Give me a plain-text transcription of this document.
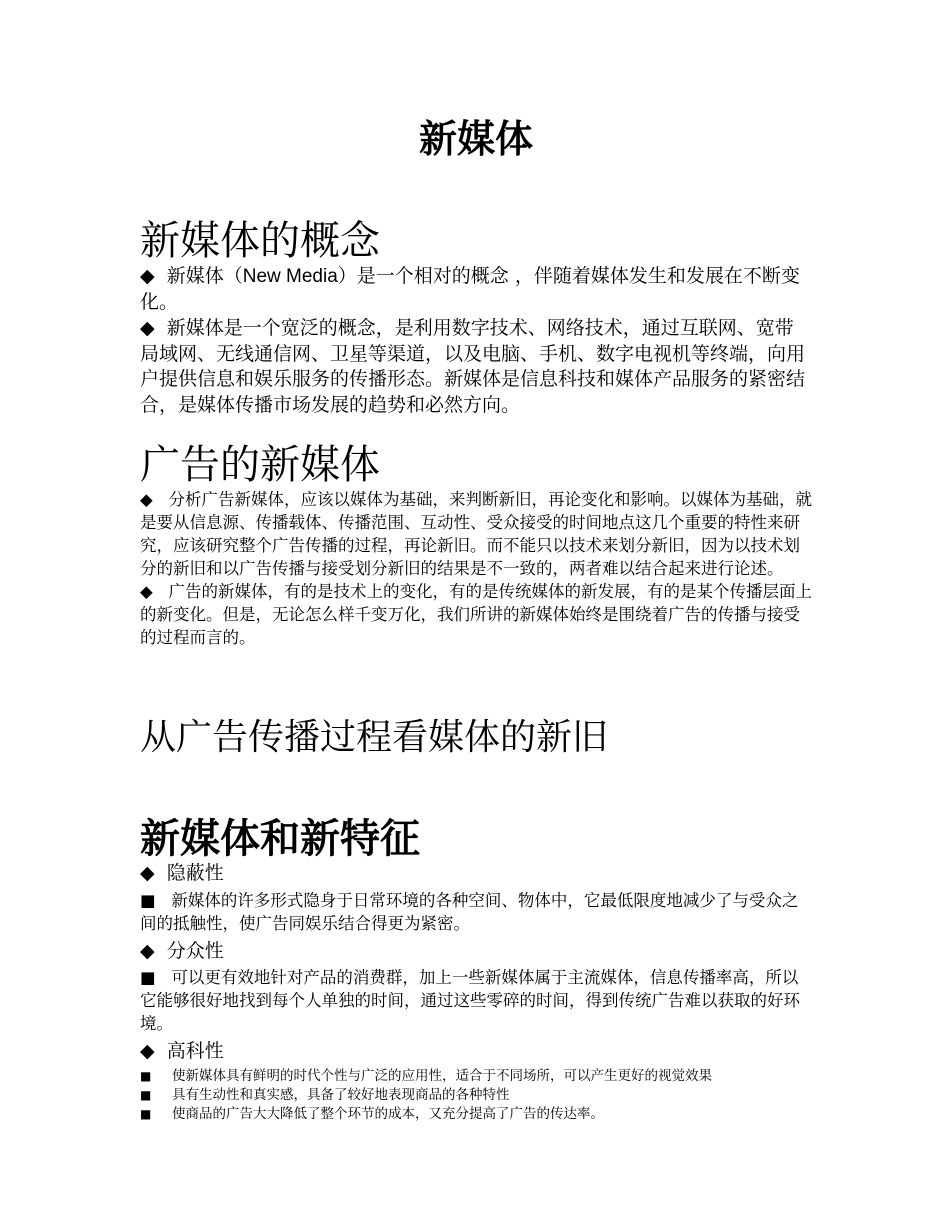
新媒体
新媒体的概念

◆ 新媒体（New Media）是一个相对的概念 ，伴随着媒体发生和发展在不断变化。

◆ 新媒体是一个宽泛的概念，是利用数字技术、网络技术，通过互联网、宽带局域网、无线通信网、卫星等渠道，以及电脑、手机、数字电视机等终端，向用户提供信息和娱乐服务的传播形态。新媒体是信息科技和媒体产品服务的紧密结合，是媒体传播市场发展的趋势和必然方向。

广告的新媒体

◆ 分析广告新媒体，应该以媒体为基础，来判断新旧，再论变化和影响。以媒体为基础，就是要从信息源、传播载体、传播范围、互动性、受众接受的时间地点这几个重要的特性来研究，应该研究整个广告传播的过程，再论新旧。而不能只以技术来划分新旧，因为以技术划分的新旧和以广告传播与接受划分新旧的结果是不一致的，两者难以结合起来进行论述。

◆ 广告的新媒体，有的是技术上的变化，有的是传统媒体的新发展，有的是某个传播层面上的新变化。但是，无论怎么样千变万化，我们所讲的新媒体始终是围绕着广告的传播与接受的过程而言的。

从广告传播过程看媒体的新旧
新媒体和新特征

◆ 隐蔽性

■ 新媒体的许多形式隐身于日常环境的各种空间、物体中，它最低限度地减少了与受众之间的抵触性，使广告同娱乐结合得更为紧密。

◆ 分众性

■ 可以更有效地针对产品的消费群，加上一些新媒体属于主流媒体，信息传播率高，所以它能够很好地找到每个人单独的时间，通过这些零碎的时间，得到传统广告难以获取的好环境。

◆ 高科性

■ 使新媒体具有鲜明的时代个性与广泛的应用性，适合于不同场所，可以产生更好的视觉效果

■ 具有生动性和真实感，具备了较好地表现商品的各种特性

■ 使商品的广告大大降低了整个环节的成本，又充分提高了广告的传达率。
